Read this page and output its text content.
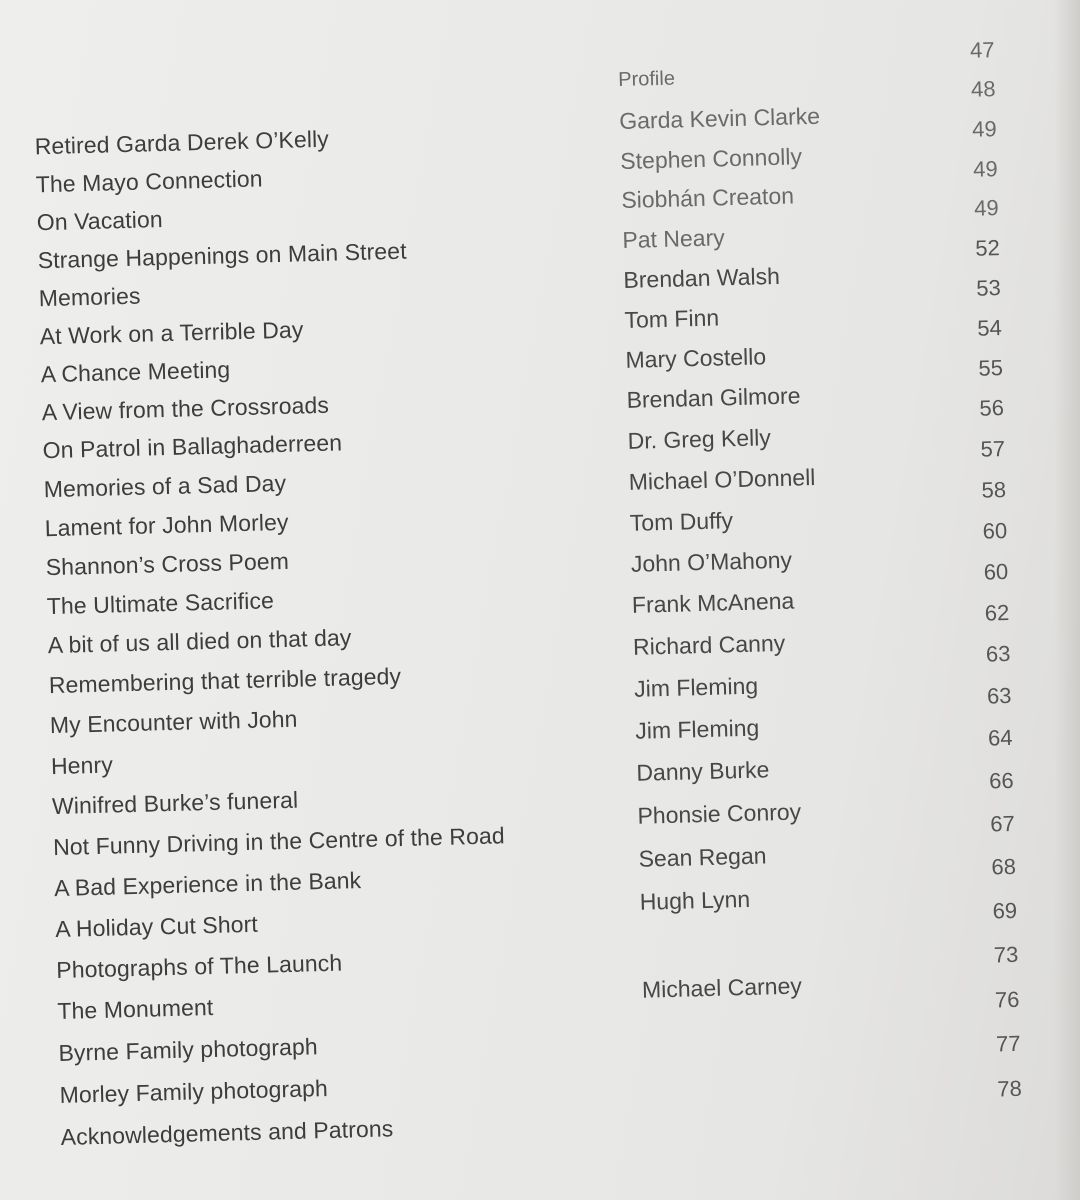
47
48
49
49
49
52
53
54
55
56
57
58
60
60
62
63
63
64
66
67
68
69
73
76
77
78
Profile
Garda Kevin Clarke
Stephen Connolly
Siobhán Creaton
Pat Neary
Brendan Walsh
Tom Finn
Mary Costello
Brendan Gilmore
Dr. Greg Kelly
Michael O’Donnell
Tom Duffy
John O’Mahony
Frank McAnena
Richard Canny
Jim Fleming
Jim Fleming
Danny Burke
Phonsie Conroy
Sean Regan
Hugh Lynn
Michael Carney
Retired Garda Derek O’Kelly
The Mayo Connection
On Vacation
Strange Happenings on Main Street
Memories
At Work on a Terrible Day
A Chance Meeting
A View from the Crossroads
On Patrol in Ballaghaderreen
Memories of a Sad Day
Lament for John Morley
Shannon’s Cross Poem
The Ultimate Sacrifice
A bit of us all died on that day
Remembering that terrible tragedy
My Encounter with John
Henry
Winifred Burke’s funeral
Not Funny Driving in the Centre of the Road
A Bad Experience in the Bank
A Holiday Cut Short
Photographs of The Launch
The Monument
Byrne Family photograph
Morley Family photograph
Acknowledgements and Patrons
